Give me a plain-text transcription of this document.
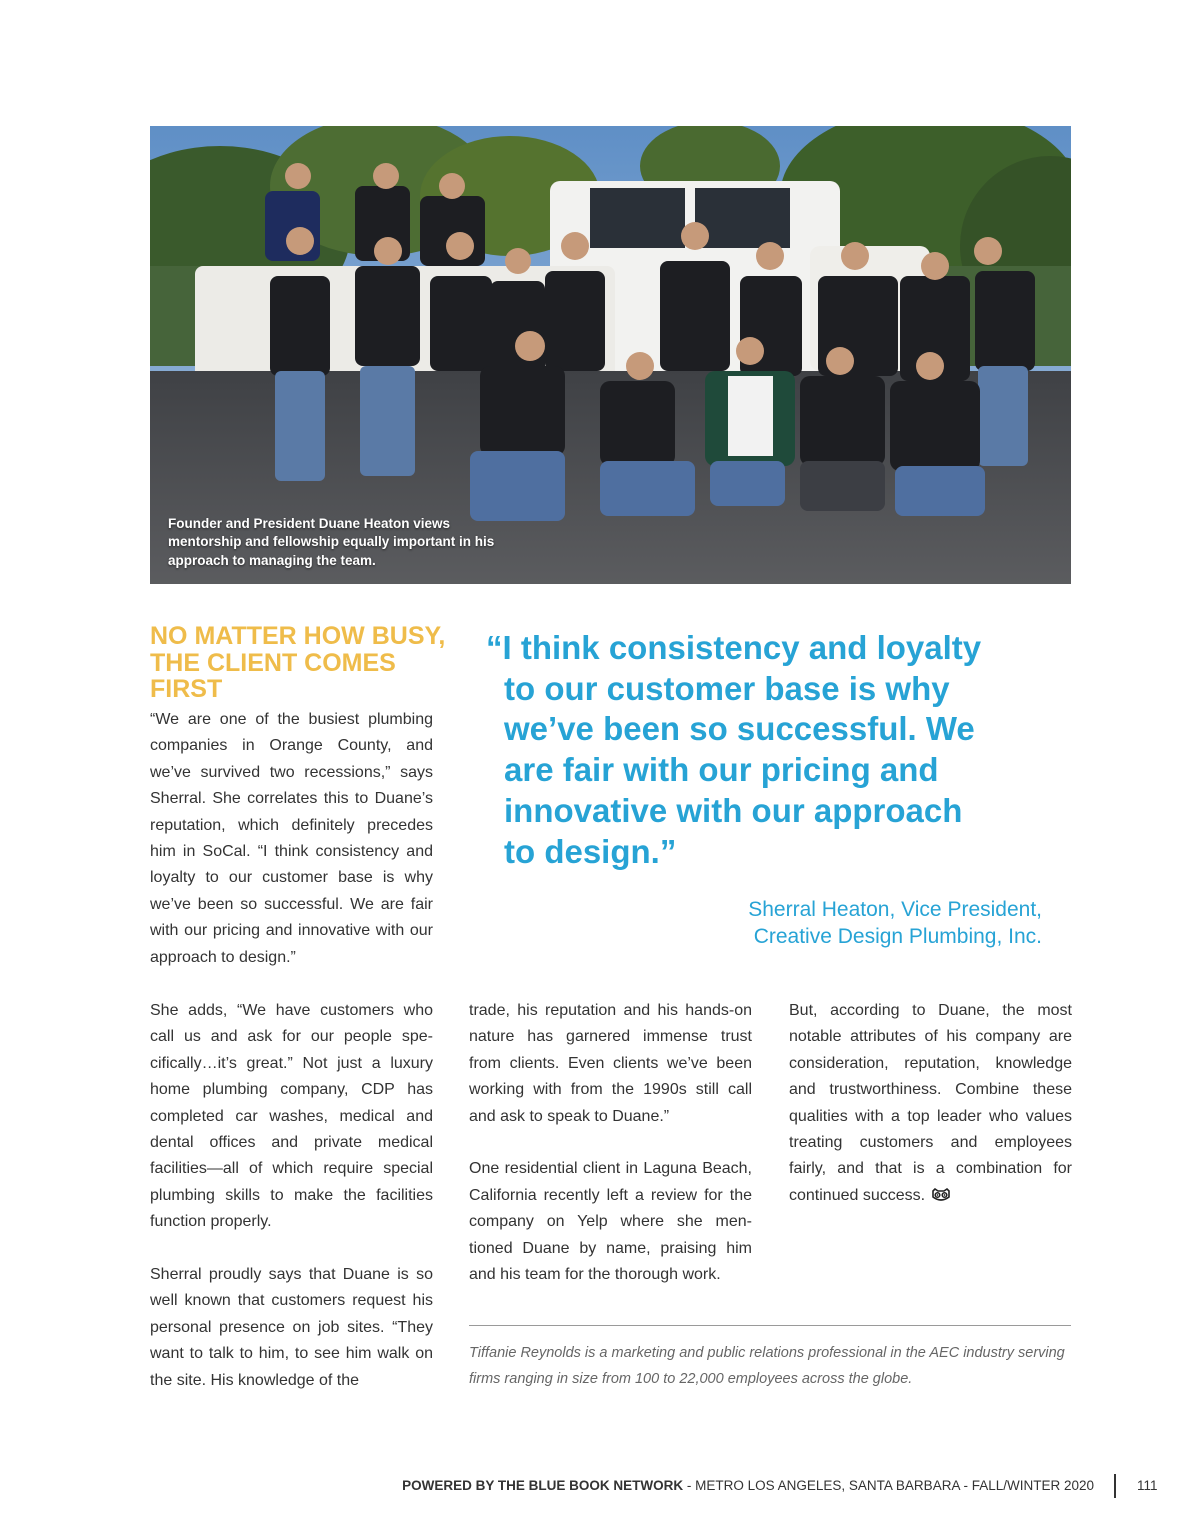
Founder and President Duane Heaton views mentorship and fellowship equally important in his approach to managing the team.
NO MATTER HOW BUSY, THE CLIENT COMES FIRST

“We are one of the busiest plumbing companies in Orange County, and we’ve survived two recessions,” says Sherral. She correlates this to Duane’s reputation, which definitely precedes him in SoCal. “I think consistency and loyalty to our customer base is why we’ve been so successful. We are fair with our pricing and innovative with our approach to design.”

“I think consistency and loyalty
to our customer base is why
we’ve been so successful. We
are fair with our pricing and
innovative with our approach
to design.”
Sherral Heaton, Vice President,
Creative Design Plumbing, Inc.

She adds, “We have customers who call us and ask for our people spe-cifically…it’s great.” Not just a luxury home plumbing company, CDP has completed car washes, medical and dental offices and private medical facilities—all of which require special plumbing skills to make the facilities function properly.

Sherral proudly says that Duane is so well known that customers request his personal presence on job sites. “They want to talk to him, to see him walk on the site. His knowledge of the

trade, his reputation and his hands-on nature has garnered immense trust from clients. Even clients we’ve been working with from the 1990s still call and ask to speak to Duane.”

One residential client in Laguna Beach, California recently left a review for the company on Yelp where she men-tioned Duane by name, praising him and his team for the thorough work.

But, according to Duane, the most notable attributes of his company are consideration, reputation, knowledge and trustworthiness. Combine these qualities with a top leader who values treating customers and employees fairly, and that is a combination for continued success.

Tiffanie Reynolds is a marketing and public relations professional in the AEC industry serving firms ranging in size from 100 to 22,000 employees across the globe.
POWERED BY THE BLUE BOOK NETWORK - METRO LOS ANGELES, SANTA BARBARA - FALL/WINTER 2020	111
